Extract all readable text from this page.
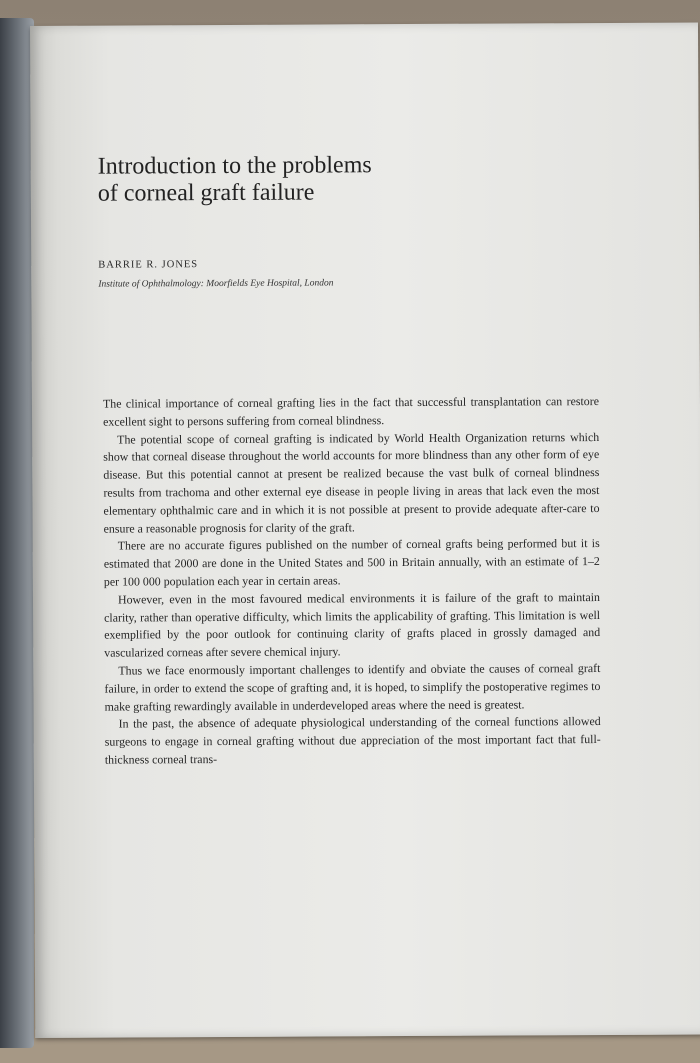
Introduction to the problems
of corneal graft failure
BARRIE R. JONES
Institute of Ophthalmology: Moorfields Eye Hospital, London

The clinical importance of corneal grafting lies in the fact that successful transplantation can restore excellent sight to persons suffering from corneal blindness.

The potential scope of corneal grafting is indicated by World Health Organization returns which show that corneal disease throughout the world accounts for more blindness than any other form of eye disease. But this potential cannot at present be realized because the vast bulk of corneal blindness results from trachoma and other external eye disease in people living in areas that lack even the most elementary ophthalmic care and in which it is not possible at present to provide adequate after-care to ensure a reasonable prognosis for clarity of the graft.

There are no accurate figures published on the number of corneal grafts being performed but it is estimated that 2000 are done in the United States and 500 in Britain annually, with an estimate of 1–2 per 100 000 population each year in certain areas.

However, even in the most favoured medical environments it is failure of the graft to maintain clarity, rather than operative difficulty, which limits the applicability of grafting. This limitation is well exemplified by the poor outlook for continuing clarity of grafts placed in grossly damaged and vascularized corneas after severe chemical injury.

Thus we face enormously important challenges to identify and obviate the causes of corneal graft failure, in order to extend the scope of grafting and, it is hoped, to simplify the postoperative regimes to make grafting rewardingly available in underdeveloped areas where the need is greatest.

In the past, the absence of adequate physiological understanding of the corneal functions allowed surgeons to engage in corneal grafting without due appreciation of the most important fact that full-thickness corneal trans-
